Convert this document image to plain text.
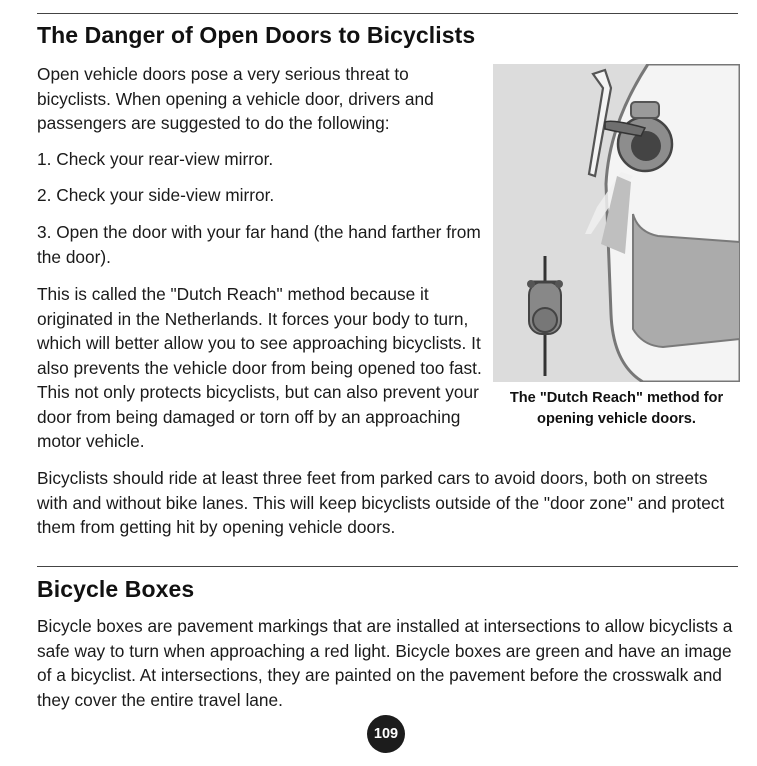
The Danger of Open Doors to Bicyclists

Open vehicle doors pose a very serious threat to bicyclists. When opening a vehicle door, drivers and passengers are suggested to do the following:

1. Check your rear-view mirror.

2. Check your side-view mirror.

3. Open the door with your far hand (the hand farther from the door).

This is called the "Dutch Reach" method because it originated in the Netherlands. It forces your body to turn, which will better allow you to see approaching bicyclists. It also prevents the vehicle door from being opened too fast. This not only protects bicyclists, but can also prevent your door from being damaged or torn off by an approaching motor vehicle.

The "Dutch Reach" method for opening vehicle doors.

Bicyclists should ride at least three feet from parked cars to avoid doors, both on streets with and without bike lanes. This will keep bicyclists outside of the "door zone" and protect them from getting hit by opening vehicle doors.

Bicycle Boxes

Bicycle boxes are pavement markings that are installed at intersections to allow bicyclists a safe way to turn when approaching a red light. Bicycle boxes are green and have an image of a bicyclist. At intersections, they are painted on the pavement before the crosswalk and they cover the entire travel lane.

109
